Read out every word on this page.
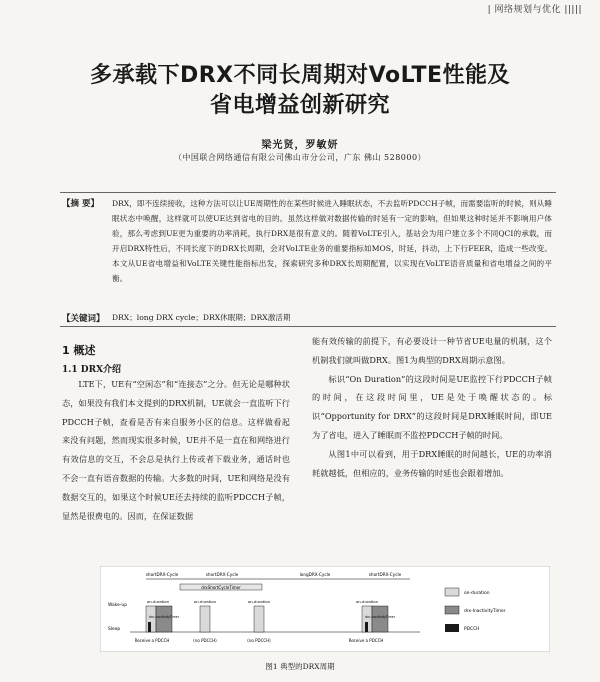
| 网络规划与优化 |||||
多承载下DRX不同长周期对VoLTE性能及
省电增益创新研究
梁光贤，罗敏妍
（中国联合网络通信有限公司佛山市分公司，广东 佛山 528000）
【摘 要】 DRX，即不连续接收，这种方法可以让UE周期性的在某些时候进入睡眠状态，不去监听PDCCH子帧，而需要监听的时候，则从睡眠状态中唤醒，这样就可以使UE达到省电的目的。虽然这样做对数据传输的时延有一定的影响，但如果这种时延并不影响用户体验，那么考虑到UE更为重要的功率消耗，执行DRX是很有意义的。随着VoLTE引入，基站会为用户建立多个不同QCI的承载，而开启DRX特性后，不同长度下的DRX长周期，会对VoLTE业务的重要指标如MOS，时延，抖动，上下行FEER，造成一些改变。本文从UE省电增益和VoLTE关键性能指标出发，探索研究多种DRX长周期配置，以实现在VoLTE语音质量和省电增益之间的平衡。
【关键词】 DRX；long DRX cycle；DRX休眠期；DRX激活期
1 概述
1.1 DRX介绍
LTE下，UE有“空闲态”和“连接态”之分。但无论是哪种状态，如果没有我们本文提到的DRX机制，UE就会一直监听下行PDCCH子帧，查看是否有来自服务小区的信息。这样做看起来没有问题，然而现实很多时候，UE并不是一直在和网络进行有效信息的交互，不会总是执行上传或者下载业务，通话时也不会一直有语音数据的传输。大多数的时间，UE和网络是没有数据交互的，如果这个时候UE还去持续的监听PDCCH子帧，显然是很费电的。因而，在保证数据

能有效传输的前提下，有必要设计一种节省UE电量的机制，这个机制我们就叫做DRX。图1为典型的DRX周期示意图。

标识“On Duration”的这段时间是UE监控下行PDCCH子帧的时间，在这段时间里，UE是处于唤醒状态的。标识“Opportunity for DRX”的这段时间是DRX睡眠时间，即UE为了省电，进入了睡眠而不监控PDCCH子帧的时间。

从图1中可以看到，用于DRX睡眠的时间越长，UE的功率消耗就越低，但相应的，业务传输的时延也会跟着增加。

shortDRX-Cycle	shortDRX-Cycle	longDRX-Cycle	shortDRX-Cycle
drxShortCycleTimer
Wake-up
Sleep
on-duration	on-duration	on-duration	on-duration
drx-InactivityTimer	drx-InactivityTimer
Receive a PDCCH	(no PDCCH)	(no PDCCH)	Receive a PDCCH
on-duration
drx-InactivityTimer
PDCCH
图1 典型的DRX周期
